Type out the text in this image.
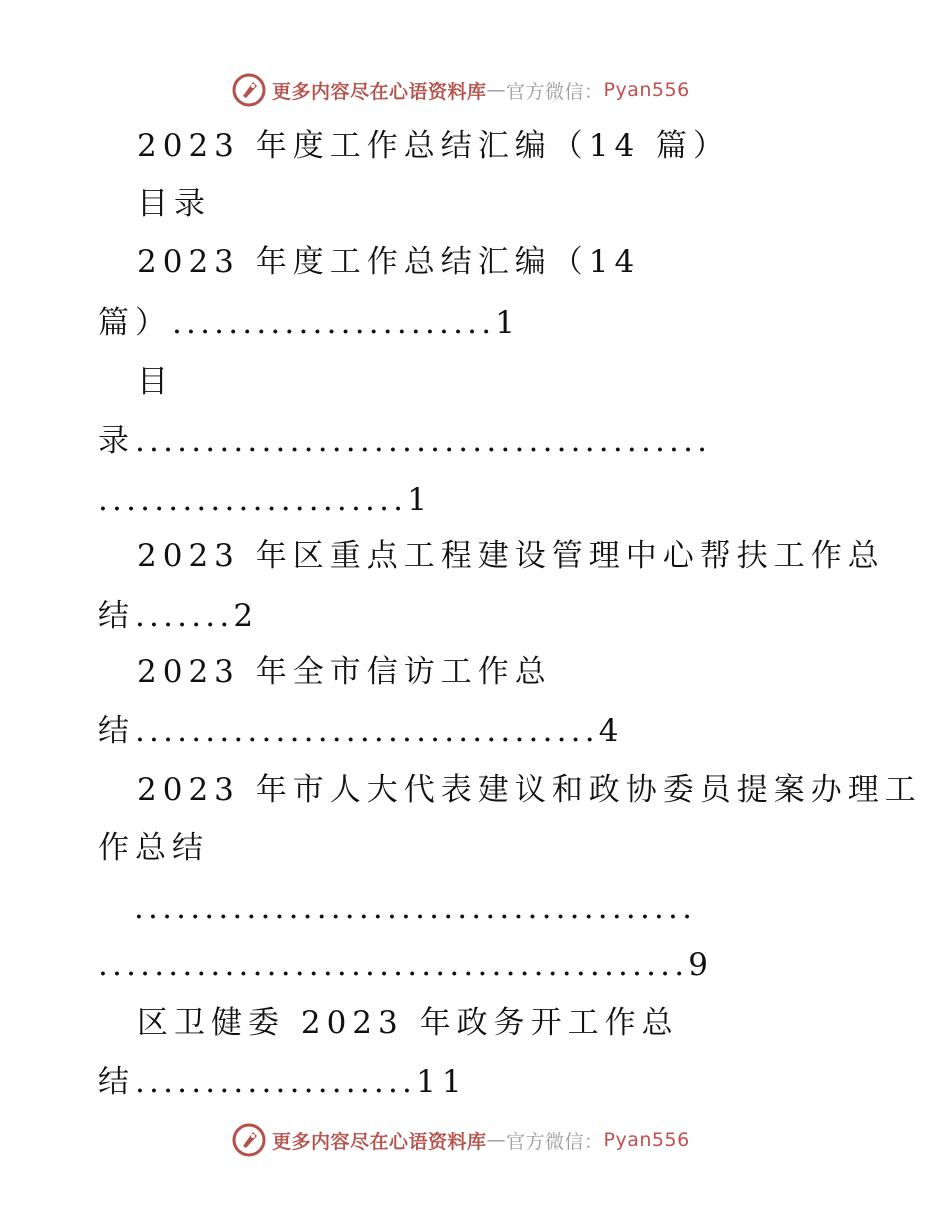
更多内容尽在心语资料库 — 官方微信： Pyan556
2023 年度工作总结汇编（14 篇）
目录
2023 年度工作总结汇编（14
篇）.......................1
目
录.........................................
......................1
2023 年区重点工程建设管理中心帮扶工作总
结.......2
2023 年全市信访工作总
结.................................4
2023 年市人大代表建议和政协委员提案办理工
作总结
........................................
..........................................9
区卫健委 2023 年政务开工作总
结....................11
更多内容尽在心语资料库 — 官方微信： Pyan556
